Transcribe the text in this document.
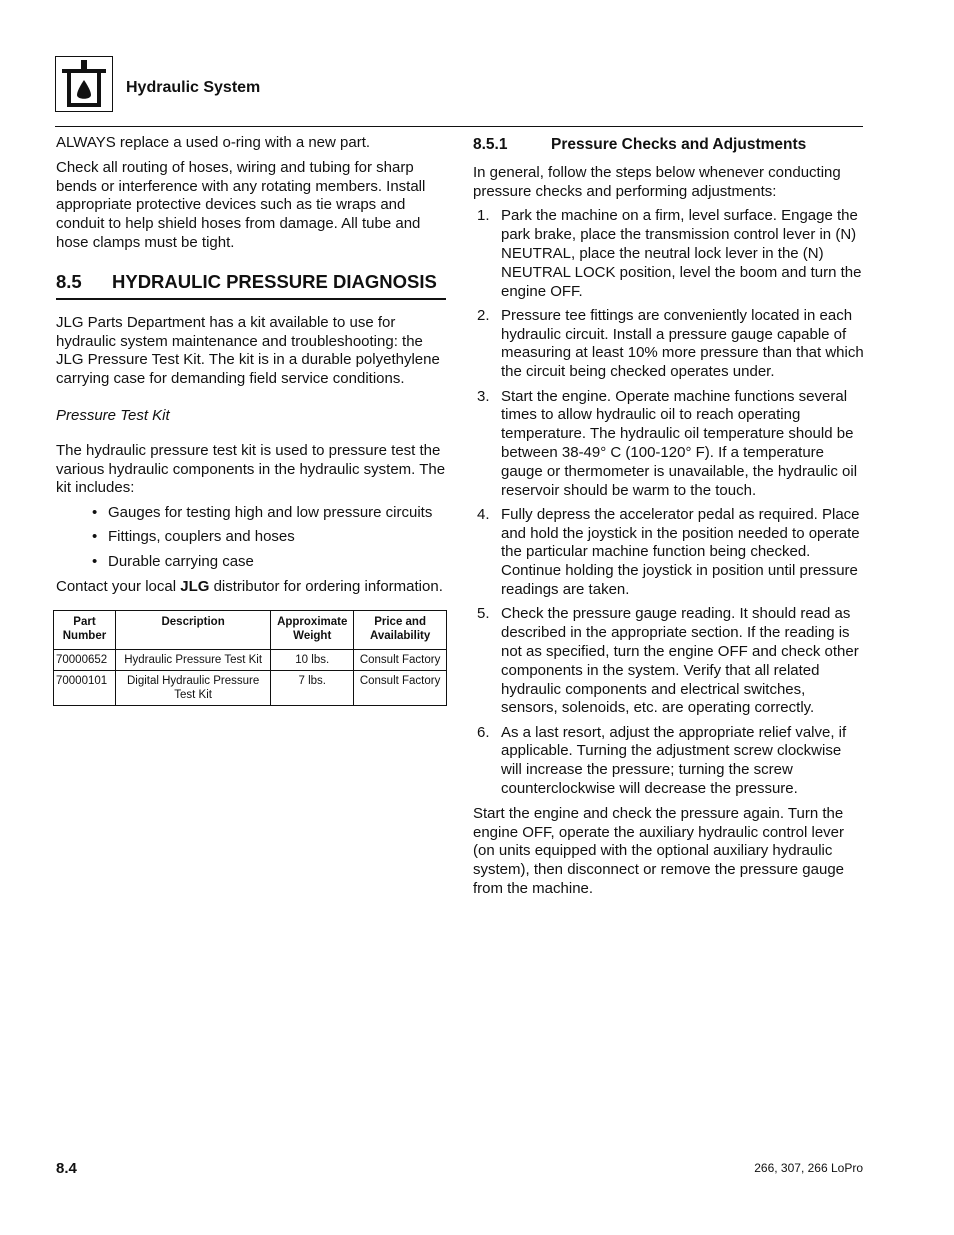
Hydraulic System

ALWAYS replace a used o-ring with a new part.

Check all routing of hoses, wiring and tubing for sharp bends or interference with any rotating members. Install appropriate protective devices such as tie wraps and conduit to help shield hoses from damage. All tube and hose clamps must be tight.

8.5	HYDRAULIC PRESSURE DIAGNOSIS

JLG Parts Department has a kit available to use for hydraulic system maintenance and troubleshooting: the JLG Pressure Test Kit. The kit is in a durable polyethylene carrying case for demanding field service conditions.

Pressure Test Kit

The hydraulic pressure test kit is used to pressure test the various hydraulic components in the hydraulic system. The kit includes:

• Gauges for testing high and low pressure circuits
• Fittings, couplers and hoses
• Durable carrying case

Contact your local JLG distributor for ordering information.

Part Number	Description	Approximate Weight	Price and Availability
70000652	Hydraulic Pressure Test Kit	10 lbs.	Consult Factory
70000101	Digital Hydraulic Pressure Test Kit	7 lbs.	Consult Factory
8.5.1	Pressure Checks and Adjustments

In general, follow the steps below whenever conducting pressure checks and performing adjustments:

1. Park the machine on a firm, level surface. Engage the park brake, place the transmission control lever in (N) NEUTRAL, place the neutral lock lever in the (N) NEUTRAL LOCK position, level the boom and turn the engine OFF.
2. Pressure tee fittings are conveniently located in each hydraulic circuit. Install a pressure gauge capable of measuring at least 10% more pressure than that which the circuit being checked operates under.
3. Start the engine. Operate machine functions several times to allow hydraulic oil to reach operating temperature. The hydraulic oil temperature should be between 38-49° C (100-120° F). If a temperature gauge or thermometer is unavailable, the hydraulic oil reservoir should be warm to the touch.
4. Fully depress the accelerator pedal as required. Place and hold the joystick in the position needed to operate the particular machine function being checked. Continue holding the joystick in position until pressure readings are taken.
5. Check the pressure gauge reading. It should read as described in the appropriate section. If the reading is not as specified, turn the engine OFF and check other components in the system. Verify that all related hydraulic components and electrical switches, sensors, solenoids, etc. are operating correctly.
6. As a last resort, adjust the appropriate relief valve, if applicable. Turning the adjustment screw clockwise will increase the pressure; turning the screw counterclockwise will decrease the pressure.

Start the engine and check the pressure again. Turn the engine OFF, operate the auxiliary hydraulic control lever (on units equipped with the optional auxiliary hydraulic system), then disconnect or remove the pressure gauge from the machine.

8.4	266, 307, 266 LoPro
